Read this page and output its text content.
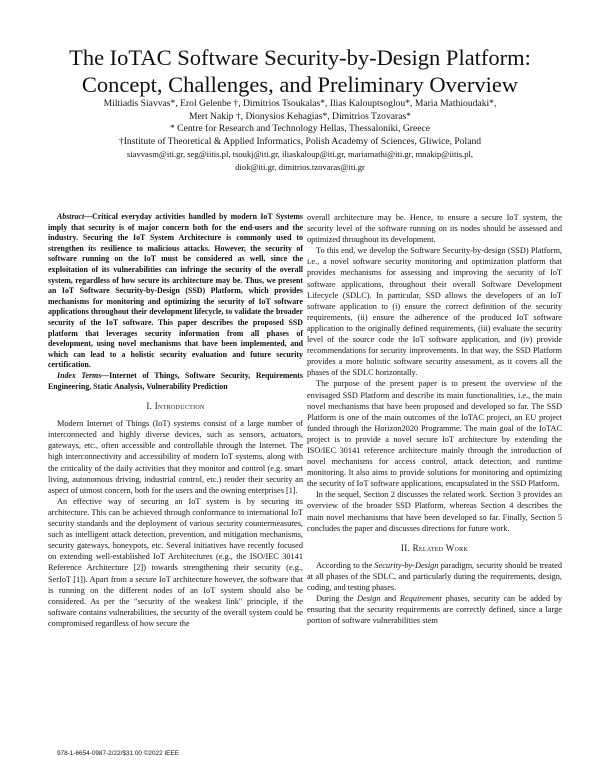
The IoTAC Software Security-by-Design Platform:
Concept, Challenges, and Preliminary Overview

Miltiadis Siavvas*, Erol Gelenbe †, Dimitrios Tsoukalas*, Ilias Kalouptsoglou*, Maria Mathioudaki*,

Mert Nakip †, Dionysios Kehagias*, Dimitrios Tzovaras*

* Centre for Research and Technology Hellas, Thessaloniki, Greece

†Institute of Theoretical & Applied Informatics, Polish Academy of Sciences, Gliwice, Poland

siavvasm@iti.gr, seg@iitis.pl, tsoukj@iti.gr, iliaskaloup@iti.gr, mariamathi@iti.gr, mnakip@iitis.pl,

diok@iti.gr, dimitrios.tzovaras@iti.gr

Abstract—Critical everyday activities handled by modern IoT Systems imply that security is of major concern both for the end-users and the industry. Securing the IoT System Architecture is commonly used to strengthen its resilience to malicious attacks. However, the security of software running on the IoT must be considered as well, since the exploitation of its vulnerabilities can infringe the security of the overall system, regardless of how secure its architecture may be. Thus, we present an IoT Software Security-by-Design (SSD) Platform, which provides mechanisms for monitoring and optimizing the security of IoT software applications throughout their development lifecycle, to validate the broader security of the IoT software. This paper describes the proposed SSD platform that leverages security information from all phases of development, using novel mechanisms that have been implemented, and which can lead to a holistic security evaluation and future security certification.

Index Terms—Internet of Things, Software Security, Requirements Engineering, Static Analysis, Vulnerability Prediction

I. Introduction

Modern Internet of Things (IoT) systems consist of a large number of interconnected and highly diverse devices, such as sensors, actuators, gateways, etc., often accessible and controllable through the Internet. The high interconnectivity and accessibility of modern IoT systems, along with the criticality of the daily activities that they monitor and control (e.g. smart living, autonomous driving, industrial control, etc.) render their security an aspect of utmost concern, both for the users and the owning enterprises [1].

An effective way of securing an IoT system is by securing its architecture. This can be achieved through conformance to international IoT security standards and the deployment of various security countermeasures, such as intelligent attack detection, prevention, and mitigation mechanisms, security gateways, honeypots, etc. Several initiatives have recently focused on extending well-established IoT Architectures (e.g., the ISO/IEC 30141 Reference Architecture [2]) towards strengthening their security (e.g., SerIoT [1]). Apart from a secure IoT architecture however, the software that is running on the different nodes of an IoT system should also be considered. As per the "security of the weakest link" principle, if the software contains vulnerabilities, the security of the overall system could be compromised regardless of how secure the

overall architecture may be. Hence, to ensure a secure IoT system, the security level of the software running on its nodes should be assessed and optimized throughout its development.

To this end, we develop the Software Security-by-design (SSD) Platform, i.e., a novel software security monitoring and optimization platform that provides mechanisms for assessing and improving the security of IoT software applications, throughout their overall Software Development Lifecycle (SDLC). In particular, SSD allows the developers of an IoT software application to (i) ensure the correct definition of the security requirements, (ii) ensure the adherence of the produced IoT software application to the originally defined requirements, (iii) evaluate the security level of the source code the IoT software application, and (iv) provide recommendations for security improvements. In that way, the SSD Platform provides a more holistic software security assessment, as it covers all the phases of the SDLC horizontally.

The purpose of the present paper is to present the overview of the envisaged SSD Platform and describe its main functionalities, i.e., the main novel mechanisms that have been proposed and developed so far. The SSD Platform is one of the main outcomes of the IoTAC project, an EU project funded through the Horizon2020 Programme. The main goal of the IoTAC project is to provide a novel secure IoT architecture by extending the ISO/IEC 30141 reference architecture mainly through the introduction of novel mechanisms for access control, attack detection, and runtime monitoring. It also aims to provide solutions for monitoring and optimizing the security of IoT software applications, encapsulated in the SSD Platform.

In the sequel, Section 2 discusses the related work. Section 3 provides an overview of the broader SSD Platform, whereas Section 4 describes the main novel mechanisms that have been developed so far. Finally, Section 5 concludes the paper and discusses directions for future work.

II. Related Work

According to the Security-by-Design paradigm, security should be treated at all phases of the SDLC, and particularly during the requirements, design, coding, and testing phases.

During the Design and Requirement phases, security can be added by ensuring that the security requirements are correctly defined, since a large portion of software vulnerabilities stem

978-1-6654-0987-2/22/$31.00 ©2022 IEEE
